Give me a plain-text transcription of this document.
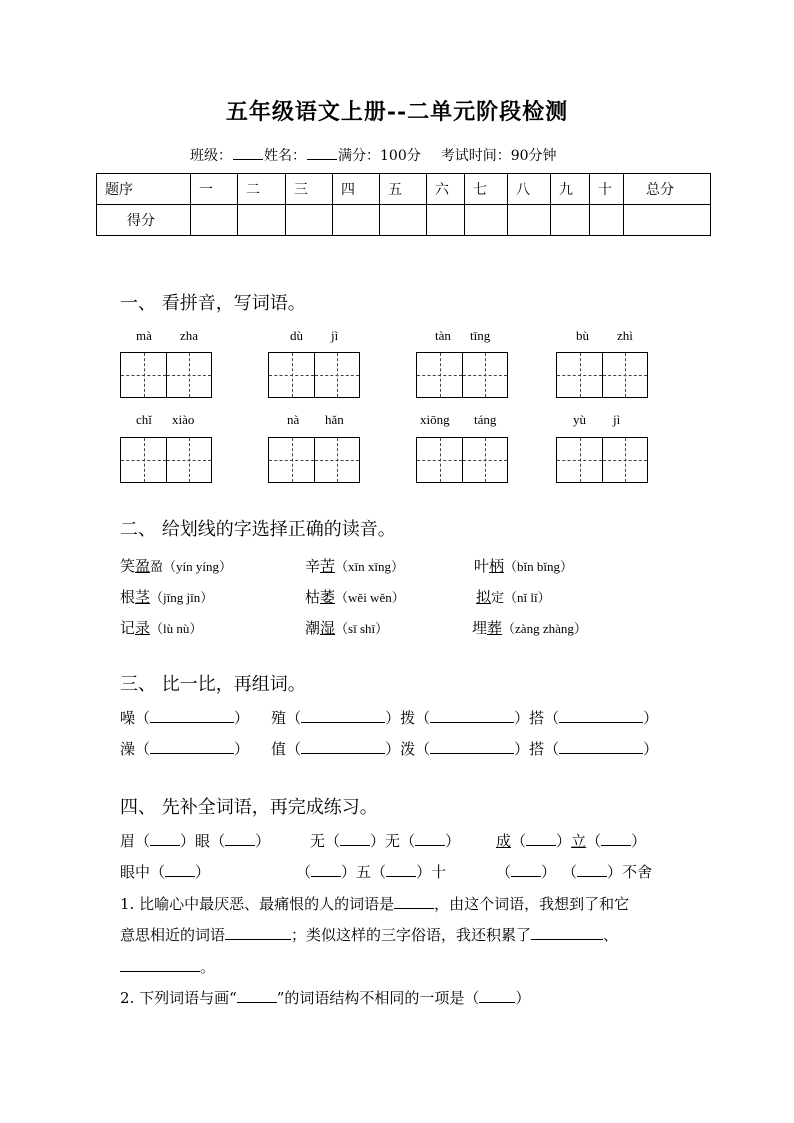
五年级语文上册--二单元阶段检测
班级： 姓名： 满分：100分 考试时间：90分钟
题序	一	二	三	四	五	六	七	八	九	十	总分
得分											
一、 看拼音，写词语。
mà zha	dù jì	tàn tīng	bù zhì
chǐ xiào	nà hǎn	xiōng táng	yù jì
二、 给划线的字选择正确的读音。
笑盈盈（yín yíng）	辛苦（xīn xīng）	叶柄（bǐn bǐng）
根茎（jīng jīn）	枯萎（wěi wěn）	拟定（nǐ lǐ）
记录（lù nù）	潮湿（sī shī）	埋葬（zàng zhàng）
三、 比一比，再组词。
噪（	） 殖（	）拨（	）搭（	）
澡（	） 值（	）泼（	）搭（	）
四、 先补全词语，再完成练习。
眉（ ）眼（ ）	无（ ）无（ ） 成（ ）立（ ）
眼中（ ）	（ ）五（ ）十	（ ） （ ）不舍
1. 比喻心中最厌恶、最痛恨的人的词语是	，由这个词语，我想到了和它
意思相近的词语	；类似这样的三字俗语，我还积累了	、
。
2. 下列词语与画“	”的词语结构不相同的一项是（ ）
